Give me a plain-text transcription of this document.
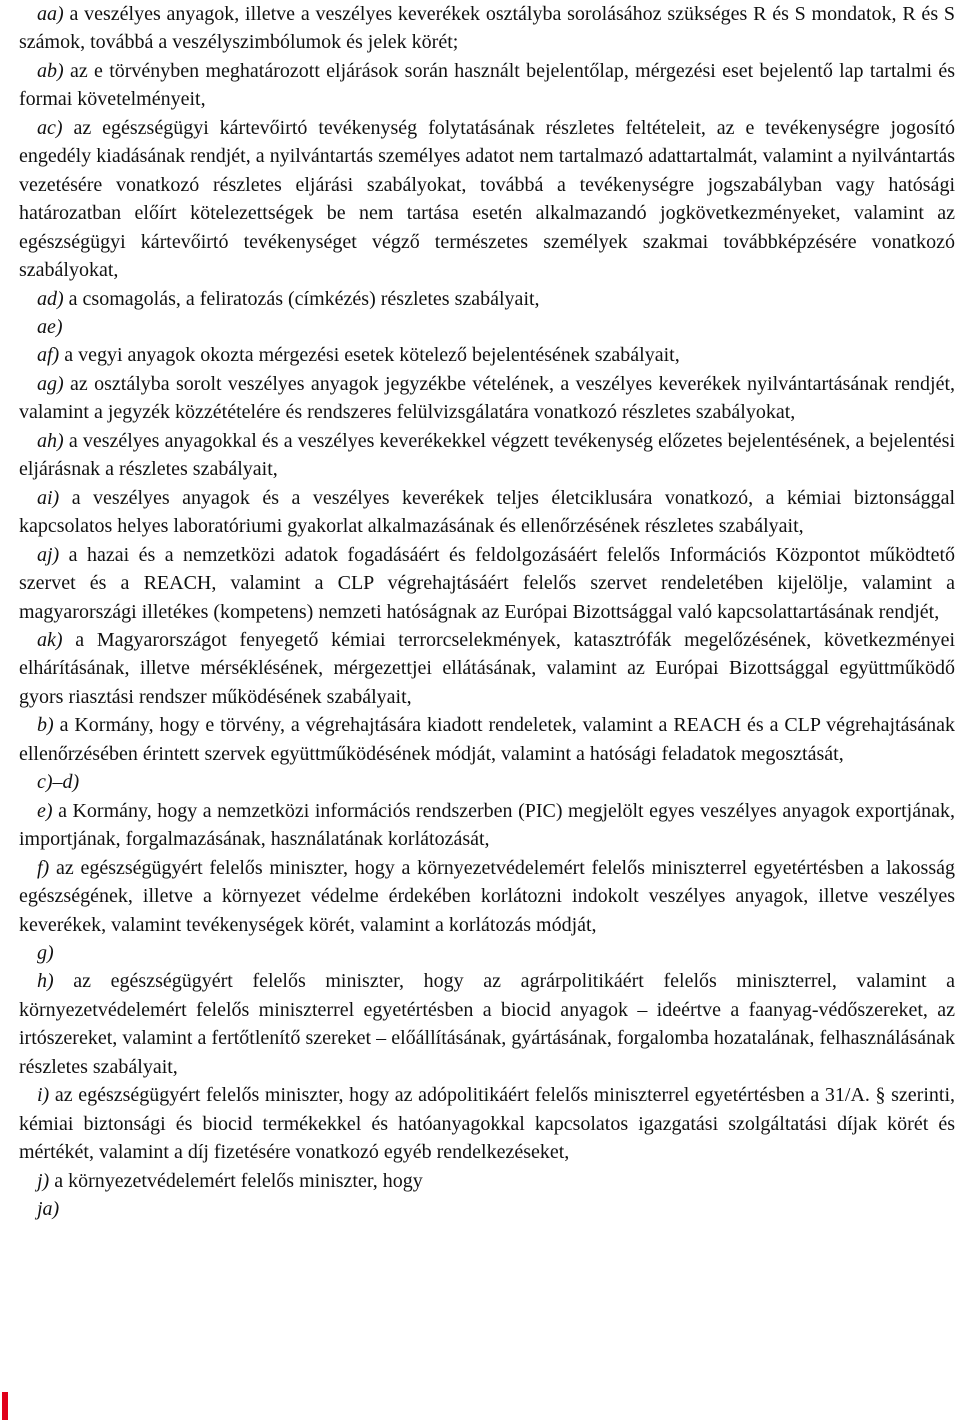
aa) a veszélyes anyagok, illetve a veszélyes keverékek osztályba sorolásához szükséges R és S mondatok, R és S számok, továbbá a veszélyszimbólumok és jelek körét;

ab) az e törvényben meghatározott eljárások során használt bejelentőlap, mérgezési eset bejelentő lap tartalmi és formai követelményeit,

ac) az egészségügyi kártevőirtó tevékenység folytatásának részletes feltételeit, az e tevékenységre jogosító engedély kiadásának rendjét, a nyilvántartás személyes adatot nem tartalmazó adattartalmát, valamint a nyilvántartás vezetésére vonatkozó részletes eljárási szabályokat, továbbá a tevékenységre jogszabályban vagy hatósági határozatban előírt kötelezettségek be nem tartása esetén alkalmazandó jogkövetkezményeket, valamint az egészségügyi kártevőirtó tevékenységet végző természetes személyek szakmai továbbképzésére vonatkozó szabályokat,

ad) a csomagolás, a feliratozás (címkézés) részletes szabályait,

ae)

af) a vegyi anyagok okozta mérgezési esetek kötelező bejelentésének szabályait,

ag) az osztályba sorolt veszélyes anyagok jegyzékbe vételének, a veszélyes keverékek nyilvántartásának rendjét, valamint a jegyzék közzétételére és rendszeres felülvizsgálatára vonatkozó részletes szabályokat,

ah) a veszélyes anyagokkal és a veszélyes keverékekkel végzett tevékenység előzetes bejelentésének, a bejelentési eljárásnak a részletes szabályait,

ai) a veszélyes anyagok és a veszélyes keverékek teljes életciklusára vonatkozó, a kémiai biztonsággal kapcsolatos helyes laboratóriumi gyakorlat alkalmazásának és ellenőrzésének részletes szabályait,

aj) a hazai és a nemzetközi adatok fogadásáért és feldolgozásáért felelős Információs Központot működtető szervet és a REACH, valamint a CLP végrehajtásáért felelős szervet rendeletében kijelölje, valamint a magyarországi illetékes (kompetens) nemzeti hatóságnak az Európai Bizottsággal való kapcsolattartásának rendjét,

ak) a Magyarországot fenyegető kémiai terrorcselekmények, katasztrófák megelőzésének, következményei elhárításának, illetve mérséklésének, mérgezettjei ellátásának, valamint az Európai Bizottsággal együttműködő gyors riasztási rendszer működésének szabályait,

b) a Kormány, hogy e törvény, a végrehajtására kiadott rendeletek, valamint a REACH és a CLP végrehajtásának ellenőrzésében érintett szervek együttműködésének módját, valamint a hatósági feladatok megosztását,

c)–d)

e) a Kormány, hogy a nemzetközi információs rendszerben (PIC) megjelölt egyes veszélyes anyagok exportjának, importjának, forgalmazásának, használatának korlátozását,

f) az egészségügyért felelős miniszter, hogy a környezetvédelemért felelős miniszterrel egyetértésben a lakosság egészségének, illetve a környezet védelme érdekében korlátozni indokolt veszélyes anyagok, illetve veszélyes keverékek, valamint tevékenységek körét, valamint a korlátozás módját,

g)

h) az egészségügyért felelős miniszter, hogy az agrárpolitikáért felelős miniszterrel, valamint a környezetvédelemért felelős miniszterrel egyetértésben a biocid anyagok – ideértve a faanyag-védőszereket, az irtószereket, valamint a fertőtlenítő szereket – előállításának, gyártásának, forgalomba hozatalának, felhasználásának részletes szabályait,

i) az egészségügyért felelős miniszter, hogy az adópolitikáért felelős miniszterrel egyetértésben a 31/A. § szerinti, kémiai biztonsági és biocid termékekkel és hatóanyagokkal kapcsolatos igazgatási szolgáltatási díjak körét és mértékét, valamint a díj fizetésére vonatkozó egyéb rendelkezéseket,

j) a környezetvédelemért felelős miniszter, hogy

ja)
